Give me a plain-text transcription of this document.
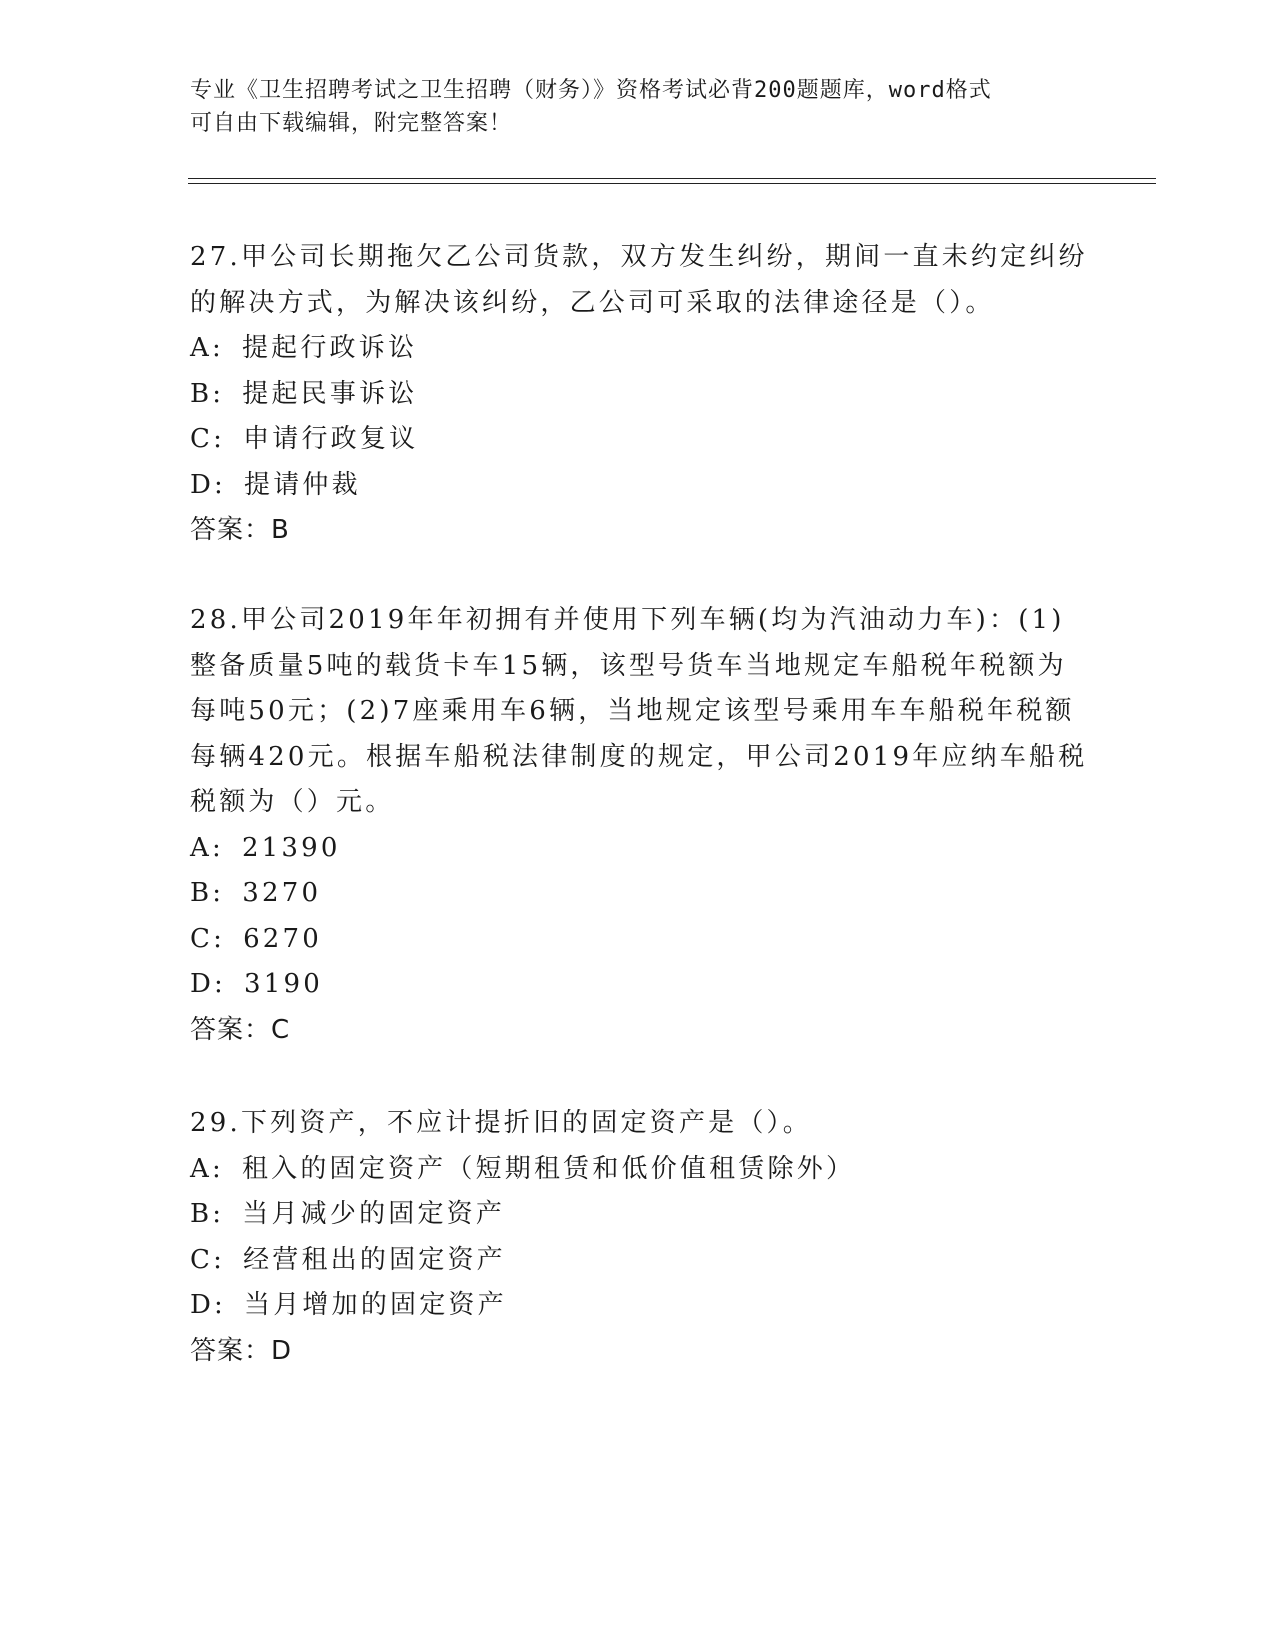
专业《卫生招聘考试之卫生招聘（财务）》资格考试必背200题题库，word格式
可自由下载编辑，附完整答案！

27.甲公司长期拖欠乙公司货款，双方发生纠纷，期间一直未约定纠纷的解决方式，为解决该纠纷，乙公司可采取的法律途径是（）。

A: 提起行政诉讼

B: 提起民事诉讼

C: 申请行政复议

D: 提请仲裁

答案：B

28.甲公司2019年年初拥有并使用下列车辆(均为汽油动力车)：(1)整备质量5吨的载货卡车15辆，该型号货车当地规定车船税年税额为每吨50元；(2)7座乘用车6辆，当地规定该型号乘用车车船税年税额每辆420元。根据车船税法律制度的规定，甲公司2019年应纳车船税税额为（）元。

A: 21390

B: 3270

C: 6270

D: 3190

答案：C

29.下列资产，不应计提折旧的固定资产是（）。

A: 租入的固定资产（短期租赁和低价值租赁除外）

B: 当月减少的固定资产

C: 经营租出的固定资产

D: 当月增加的固定资产

答案：D
